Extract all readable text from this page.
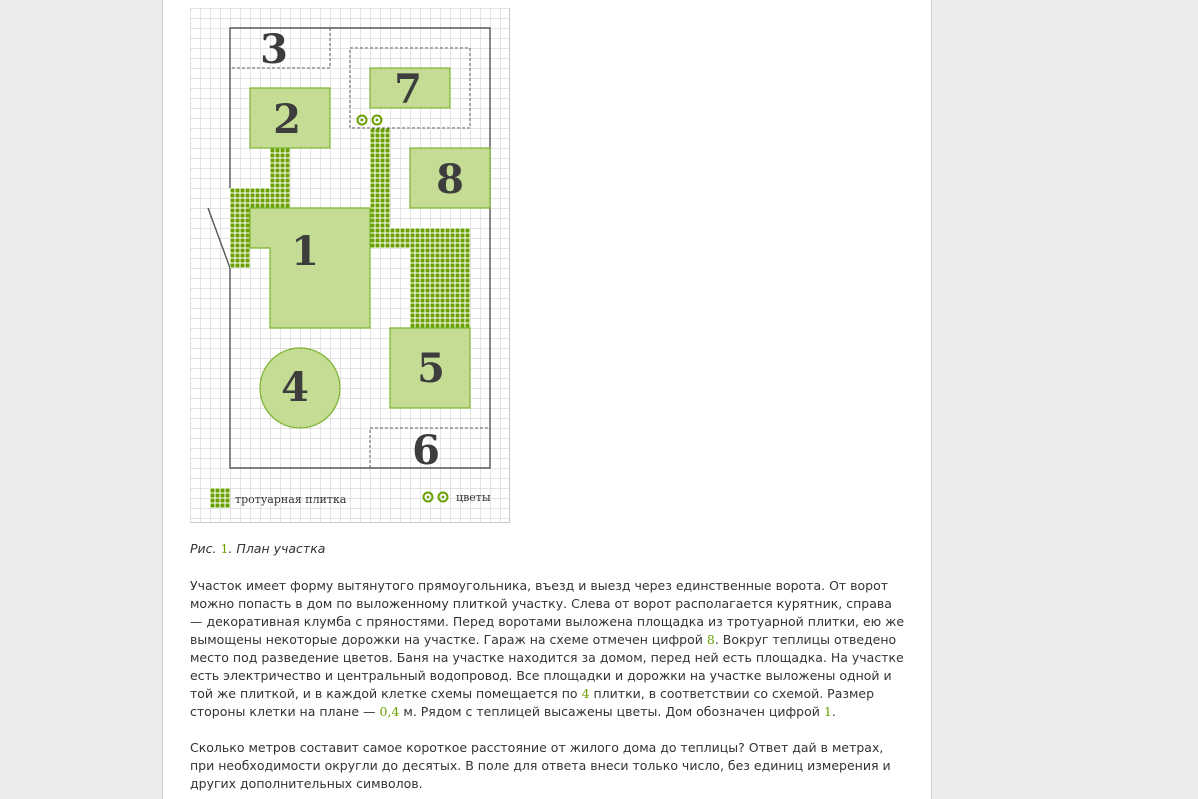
3
7
2
8
1
4	5
6
тротуарная плитка	цветы
Рис. 1. План участка

Участок имеет форму вытянутого прямоугольника, въезд и выезд через единственные ворота. От ворот можно попасть в дом по выложенному плиткой участку. Слева от ворот располагается курятник, справа — декоративная клумба с пряностями. Перед воротами выложена площадка из тротуарной плитки, ею же вымощены некоторые дорожки на участке. Гараж на схеме отмечен цифрой 8. Вокруг теплицы отведено место под разведение цветов. Баня на участке находится за домом, перед ней есть площадка. На участке есть электричество и центральный водопровод. Все площадки и дорожки на участке выложены одной и той же плиткой, и в каждой клетке схемы помещается по 4 плитки, в соответствии со схемой. Размер стороны клетки на плане — 0,4 м. Рядом с теплицей высажены цветы. Дом обозначен цифрой 1.

Сколько метров составит самое короткое расстояние от жилого дома до теплицы? Ответ дай в метрах, при необходимости округли до десятых. В поле для ответа внеси только число, без единиц измерения и других дополнительных символов.
